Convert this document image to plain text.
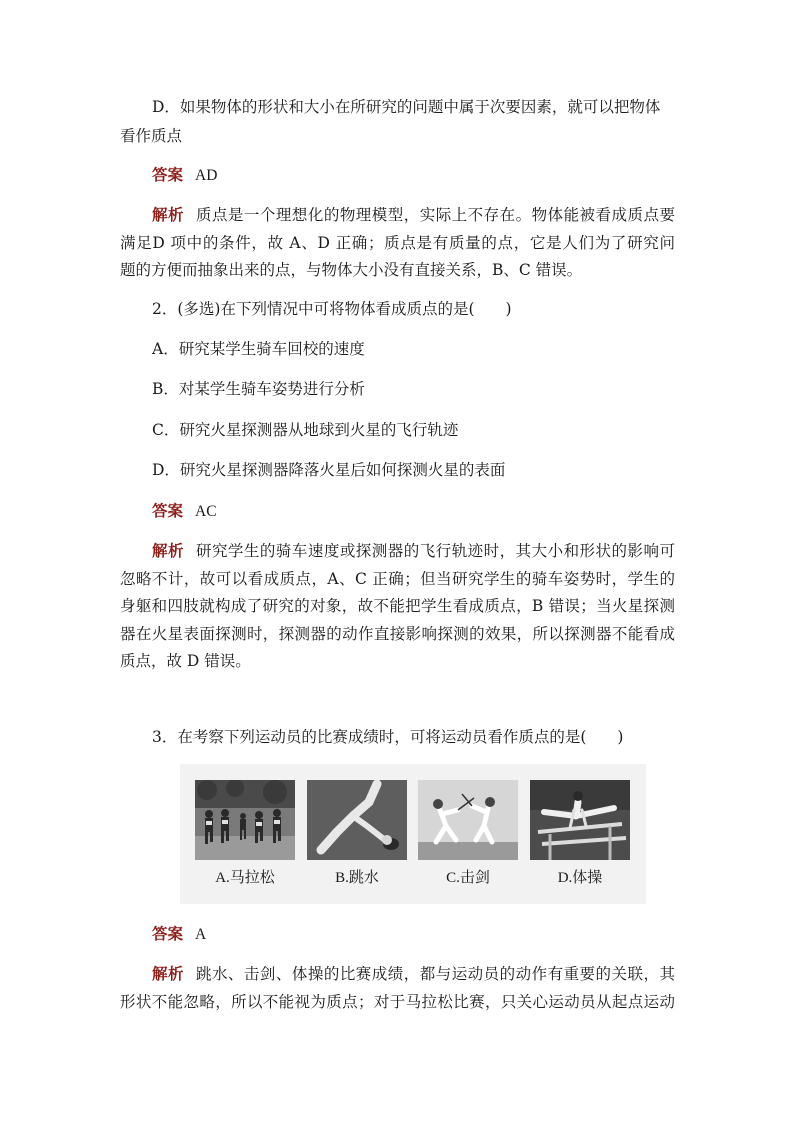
D．如果物体的形状和大小在所研究的问题中属于次要因素，就可以把物体
看作质点
答案 AD
解析 质点是一个理想化的物理模型，实际上不存在。物体能被看成质点要
满足D 项中的条件，故 A、D 正确；质点是有质量的点，它是人们为了研究问
题的方便而抽象出来的点，与物体大小没有直接关系，B、C 错误。
2．(多选)在下列情况中可将物体看成质点的是(　　)
A．研究某学生骑车回校的速度
B．对某学生骑车姿势进行分析
C．研究火星探测器从地球到火星的飞行轨迹
D．研究火星探测器降落火星后如何探测火星的表面
答案 AC
解析 研究学生的骑车速度或探测器的飞行轨迹时，其大小和形状的影响可
忽略不计，故可以看成质点，A、C 正确；但当研究学生的骑车姿势时，学生的
身躯和四肢就构成了研究的对象，故不能把学生看成质点，B 错误；当火星探测
器在火星表面探测时，探测器的动作直接影响探测的效果，所以探测器不能看成
质点，故 D 错误。
3．在考察下列运动员的比赛成绩时，可将运动员看作质点的是(　　)
A.马拉松	B.跳水	C.击剑	D.体操
答案 A
解析 跳水、击剑、体操的比赛成绩，都与运动员的动作有重要的关联，其
形状不能忽略，所以不能视为质点；对于马拉松比赛，只关心运动员从起点运动
